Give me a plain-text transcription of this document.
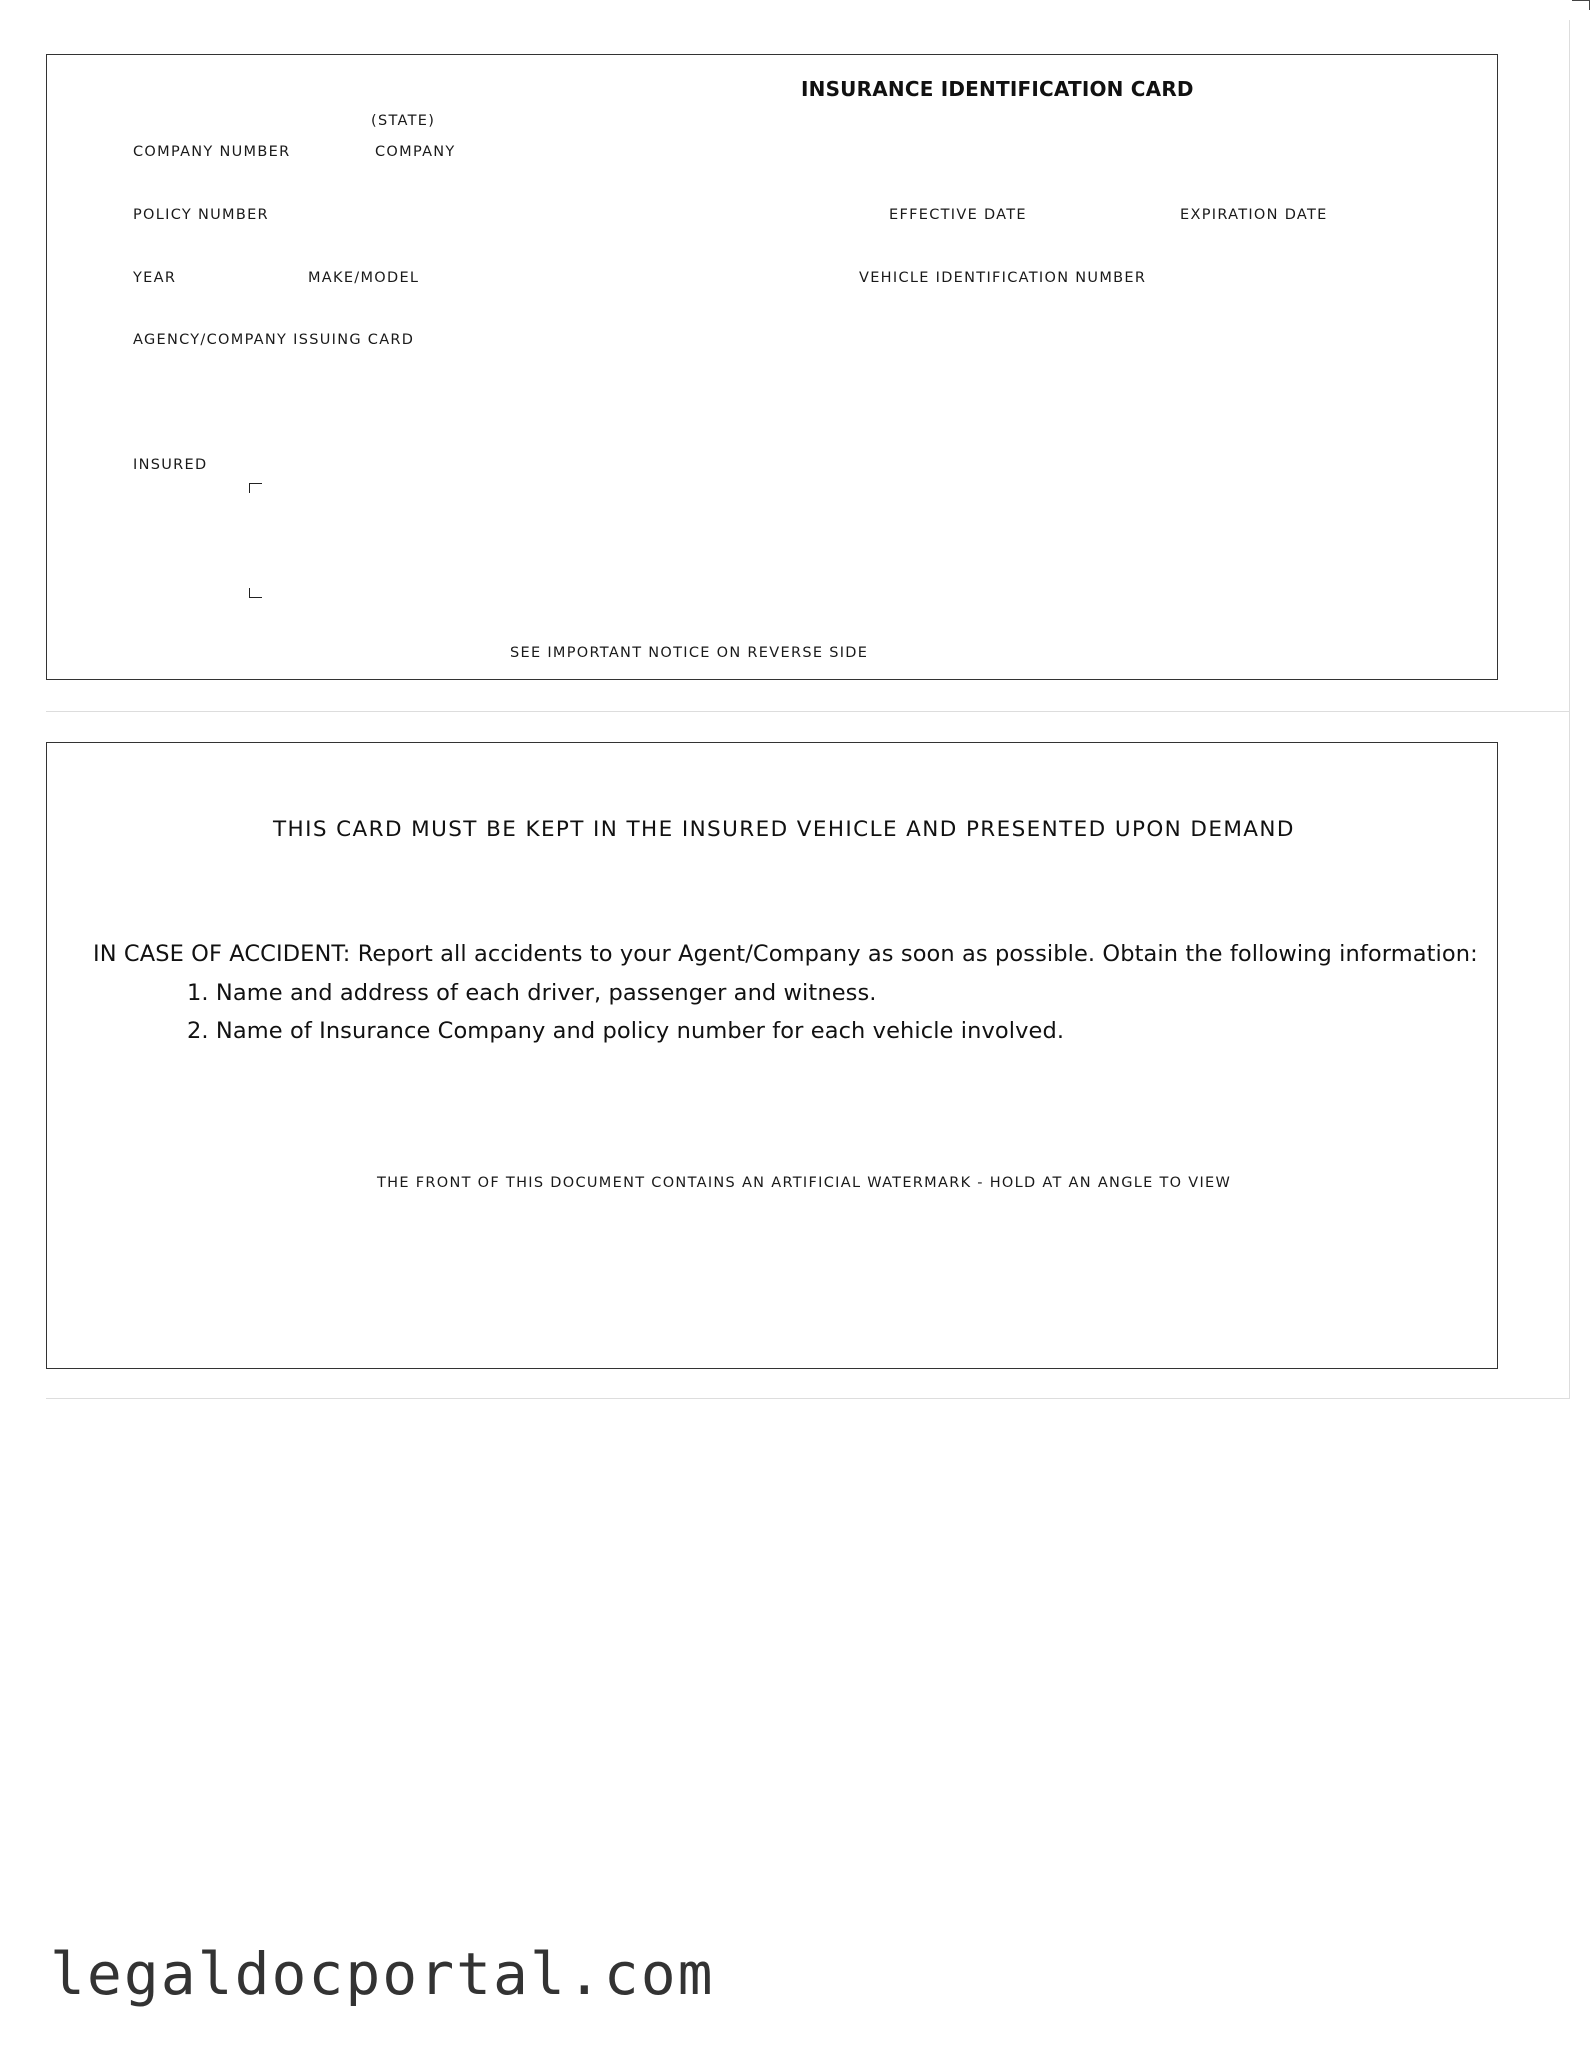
INSURANCE IDENTIFICATION CARD
(STATE)
COMPANY NUMBER	COMPANY
POLICY NUMBER	EFFECTIVE DATE	EXPIRATION DATE
YEAR	MAKE/MODEL	VEHICLE IDENTIFICATION NUMBER
AGENCY/COMPANY ISSUING CARD
INSURED
SEE IMPORTANT NOTICE ON REVERSE SIDE
THIS CARD MUST BE KEPT IN THE INSURED VEHICLE AND PRESENTED UPON DEMAND
IN CASE OF ACCIDENT: Report all accidents to your Agent/Company as soon as possible. Obtain the following information:
1. Name and address of each driver, passenger and witness.
2. Name of Insurance Company and policy number for each vehicle involved.
THE FRONT OF THIS DOCUMENT CONTAINS AN ARTIFICIAL WATERMARK - HOLD AT AN ANGLE TO VIEW
legaldocportal.com
